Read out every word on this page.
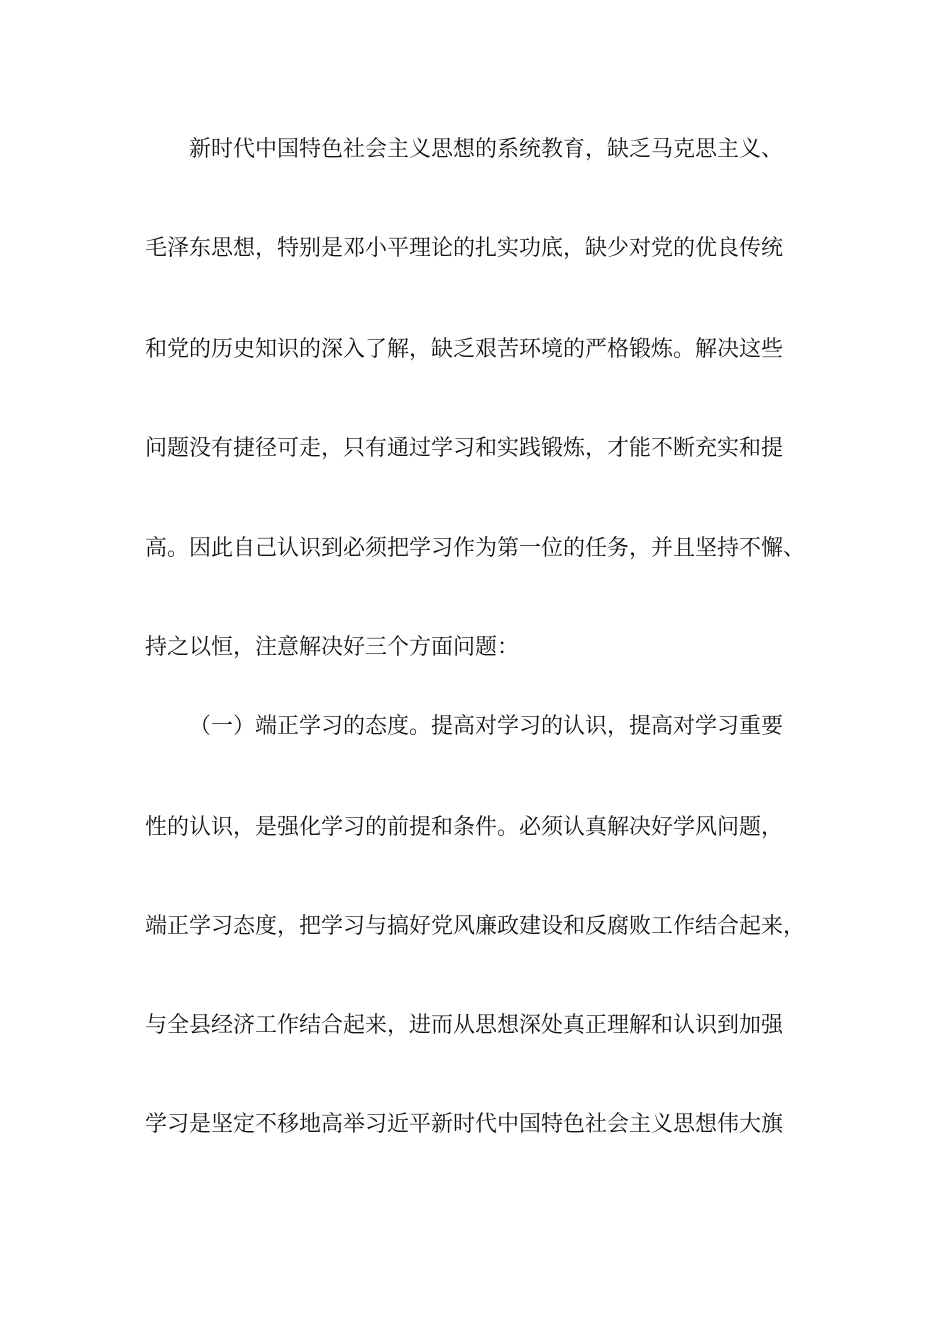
新时代中国特色社会主义思想的系统教育，缺乏马克思主义、
毛泽东思想，特别是邓小平理论的扎实功底，缺少对党的优良传统
和党的历史知识的深入了解，缺乏艰苦环境的严格锻炼。解决这些
问题没有捷径可走，只有通过学习和实践锻炼，才能不断充实和提
高。因此自己认识到必须把学习作为第一位的任务，并且坚持不懈、
持之以恒，注意解决好三个方面问题：
（一）端正学习的态度。提高对学习的认识，提高对学习重要
性的认识，是强化学习的前提和条件。必须认真解决好学风问题，
端正学习态度，把学习与搞好党风廉政建设和反腐败工作结合起来，
与全县经济工作结合起来，进而从思想深处真正理解和认识到加强
学习是坚定不移地高举习近平新时代中国特色社会主义思想伟大旗
